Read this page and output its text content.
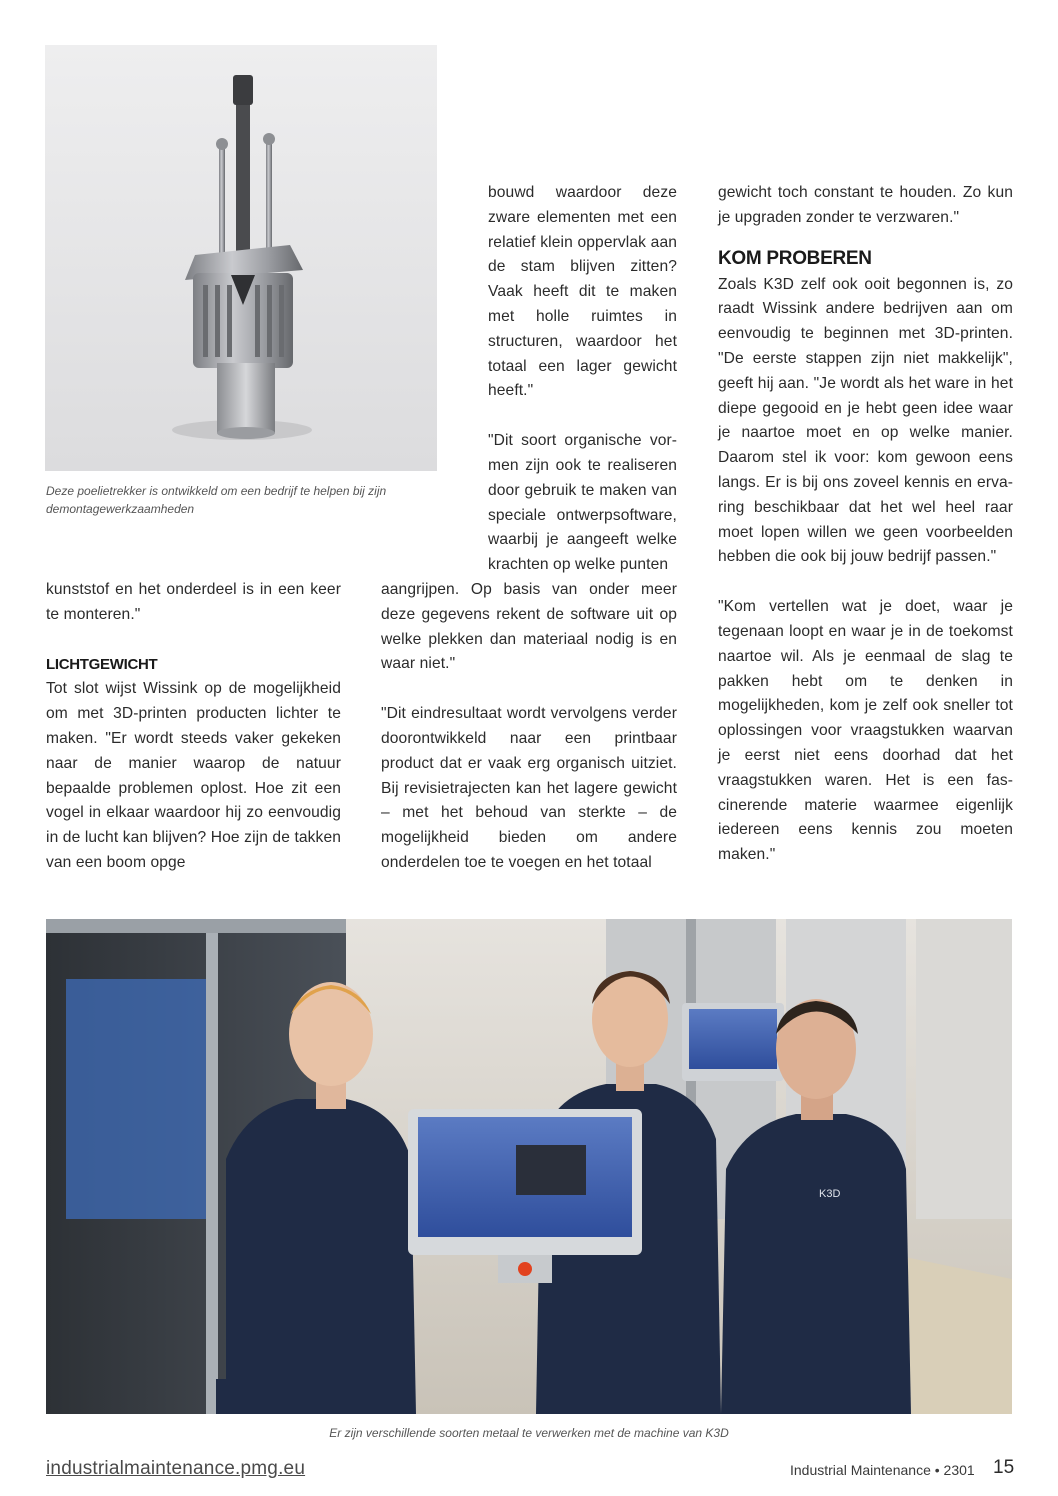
Deze poelietrekker is ontwikkeld om een bedrijf te helpen bij zijn demontagewerkzaamheden

bouwd waardoor deze zware elementen met een relatief klein oppervlak aan de stam blijven zitten? Vaak heeft dit te maken met holle ruimtes in structuren, waardoor het totaal een lager gewicht heeft."

"Dit soort organische vormen zijn ook te realiseren door gebruik te maken van speciale ontwerpsoftware, waarbij je aangeeft welke krachten op welke punten

kunststof en het onderdeel is in een keer te monteren."

LICHTGEWICHT

Tot slot wijst Wissink op de mogelijkheid om met 3D-printen producten lichter te maken. "Er wordt steeds vaker gekeken naar de manier waarop de natuur bepaalde problemen oplost. Hoe zit een vogel in elkaar waardoor hij zo eenvoudig in de lucht kan blijven? Hoe zijn de takken van een boom opge

aangrijpen. Op basis van onder meer deze gegevens rekent de software uit op welke plekken dan materiaal nodig is en waar niet."

"Dit eindresultaat wordt vervolgens verder doorontwikkeld naar een printbaar product dat er vaak erg organisch uitziet. Bij revisietrajecten kan het lagere gewicht – met het behoud van sterkte – de mogelijkheid bieden om andere onderdelen toe te voegen en het totaal

gewicht toch constant te houden. Zo kun je upgraden zonder te verzwaren."

KOM PROBEREN

Zoals K3D zelf ook ooit begonnen is, zo raadt Wissink andere bedrijven aan om eenvoudig te beginnen met 3D-printen. "De eerste stappen zijn niet makkelijk", geeft hij aan. "Je wordt als het ware in het diepe gegooid en je hebt geen idee waar je naartoe moet en op welke manier. Daarom stel ik voor: kom gewoon eens langs. Er is bij ons zoveel kennis en ervaring beschikbaar dat het wel heel raar moet lopen willen we geen voorbeelden hebben die ook bij jouw bedrijf passen."

"Kom vertellen wat je doet, waar je tegenaan loopt en waar je in de toekomst naartoe wil. Als je eenmaal de slag te pakken hebt om te denken in mogelijkheden, kom je zelf ook sneller tot oplossingen voor vraagstukken waarvan je eerst niet eens doorhad dat het vraagstukken waren. Het is een fascinerende materie waarmee eigenlijk iedereen eens kennis zou moeten maken."

K3D
Er zijn verschillende soorten metaal te verwerken met de machine van K3D
industrialmaintenance.pmg.eu	Industrial Maintenance • 2301 15
